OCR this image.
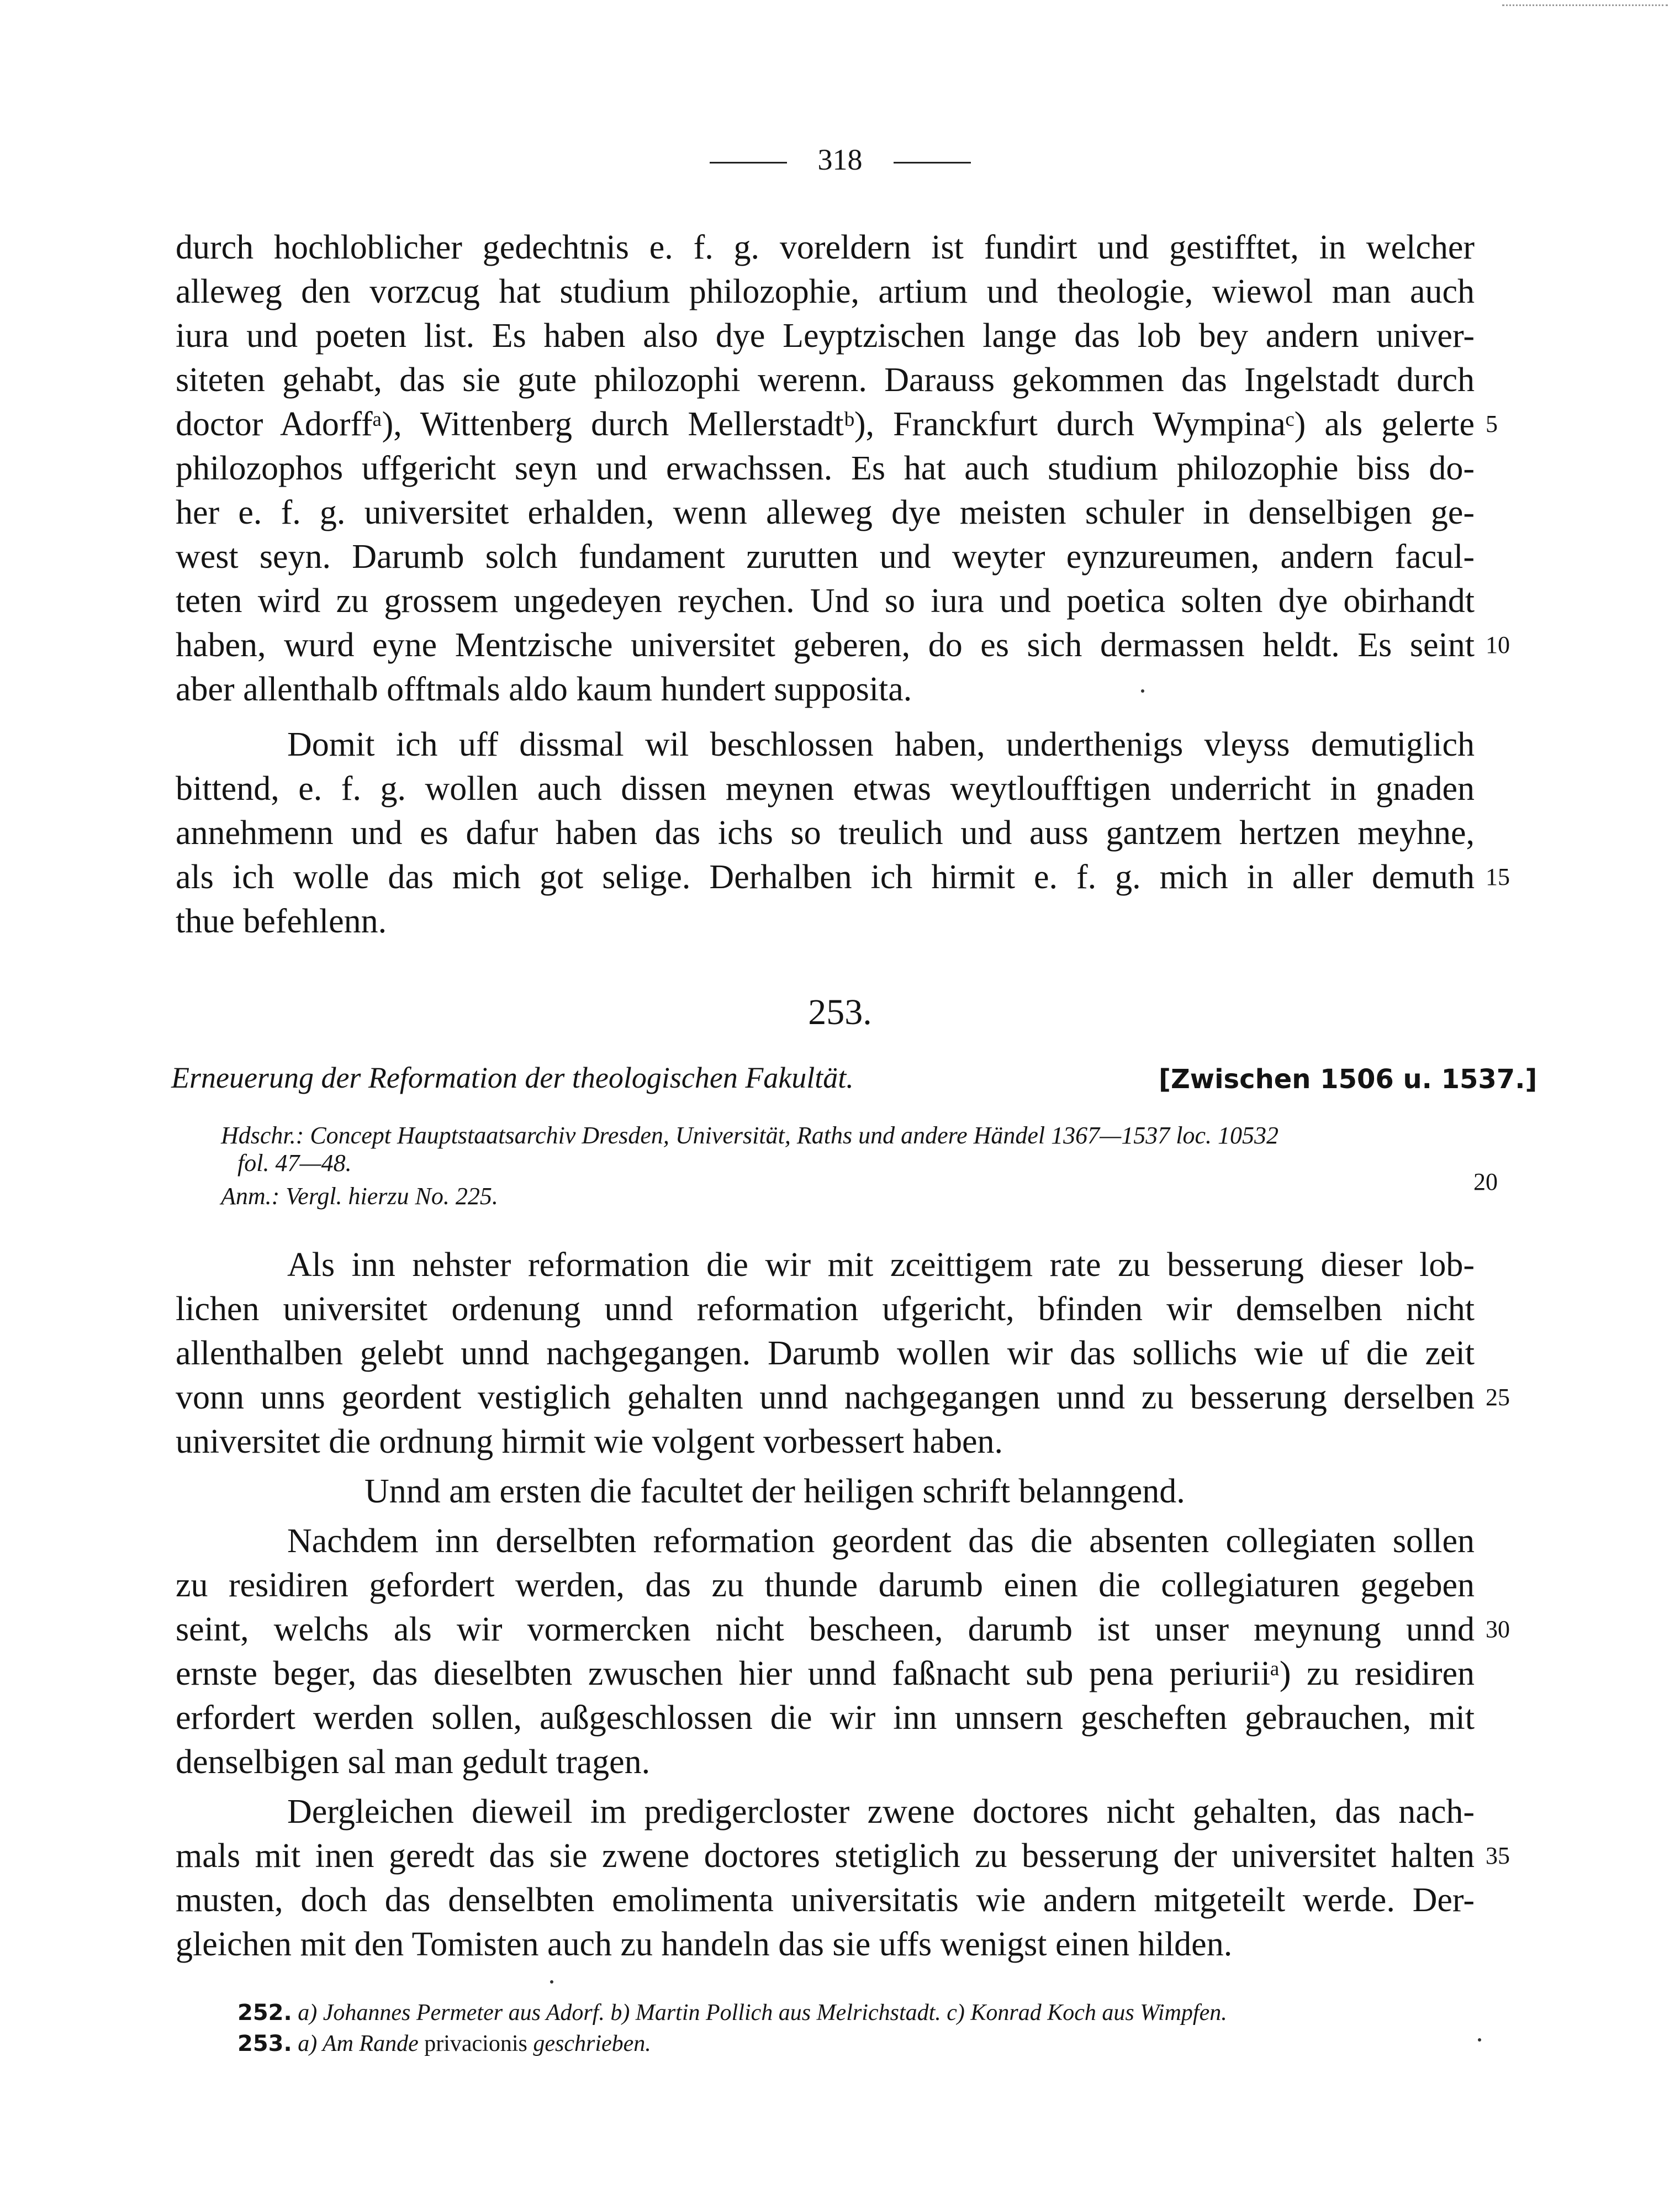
318
durch hochloblicher gedechtnis e. f. g. voreldern ist fundirt und gestifftet, in welcher
alleweg den vorzcug hat studium philozophie, artium und theologie, wiewol man auch
iura und poeten list. Es haben also dye Leyptzischen lange das lob bey andern univer-
siteten gehabt, das sie gute philozophi werenn. Darauss gekommen das Ingelstadt durch
doctor Adorffᵃ), Wittenberg durch Mellerstadtᵇ), Franckfurt durch Wympinaᶜ) als gelerte 5
philozophos uffgericht seyn und erwachssen. Es hat auch studium philozophie biss do-
her e. f. g. universitet erhalden, wenn alleweg dye meisten schuler in denselbigen ge-
west seyn. Darumb solch fundament zurutten und weyter eynzureumen, andern facul-
teten wird zu grossem ungedeyen reychen. Und so iura und poetica solten dye obirhandt
haben, wurd eyne Mentzische universitet geberen, do es sich dermassen heldt. Es seint 10
aber allenthalb offtmals aldo kaum hundert supposita.
Domit ich uff dissmal wil beschlossen haben, underthenigs vleyss demutiglich
bittend, e. f. g. wollen auch dissen meynen etwas weytloufftigen underricht in gnaden
annehmenn und es dafur haben das ichs so treulich und auss gantzem hertzen meyhne,
als ich wolle das mich got selige. Derhalben ich hirmit e. f. g. mich in aller demuth 15
thue befehlenn.
253.
Erneuerung der Reformation der theologischen Fakultät.	[Zwischen 1506 u. 1537.]
Hdschr.: Concept Hauptstaatsarchiv Dresden, Universität, Raths und andere Händel 1367—1537 loc. 10532
fol. 47—48.
Anm.: Vergl. hierzu No. 225.
20
Als inn nehster reformation die wir mit zceittigem rate zu besserung dieser lob-
lichen universitet ordenung unnd reformation ufgericht, bfinden wir demselben nicht
allenthalben gelebt unnd nachgegangen. Darumb wollen wir das sollichs wie uf die zeit
vonn unns geordent vestiglich gehalten unnd nachgegangen unnd zu besserung derselben 25
universitet die ordnung hirmit wie volgent vorbessert haben.
Unnd am ersten die facultet der heiligen schrift belanngend.
Nachdem inn derselbten reformation geordent das die absenten collegiaten sollen
zu residiren gefordert werden, das zu thunde darumb einen die collegiaturen gegeben
seint, welchs als wir vormercken nicht bescheen, darumb ist unser meynung unnd 30
ernste beger, das dieselbten zwuschen hier unnd faßnacht sub pena periuriiᵃ) zu residiren
erfordert werden sollen, außgeschlossen die wir inn unnsern gescheften gebrauchen, mit
denselbigen sal man gedult tragen.
Dergleichen dieweil im predigercloster zwene doctores nicht gehalten, das nach-
mals mit inen geredt das sie zwene doctores stetiglich zu besserung der universitet halten 35
musten, doch das denselbten emolimenta universitatis wie andern mitgeteilt werde. Der-
gleichen mit den Tomisten auch zu handeln das sie uffs wenigst einen hilden.
252. a) Johannes Permeter aus Adorf. b) Martin Pollich aus Melrichstadt. c) Konrad Koch aus Wimpfen.
253. a) Am Rande privacionis geschrieben.
